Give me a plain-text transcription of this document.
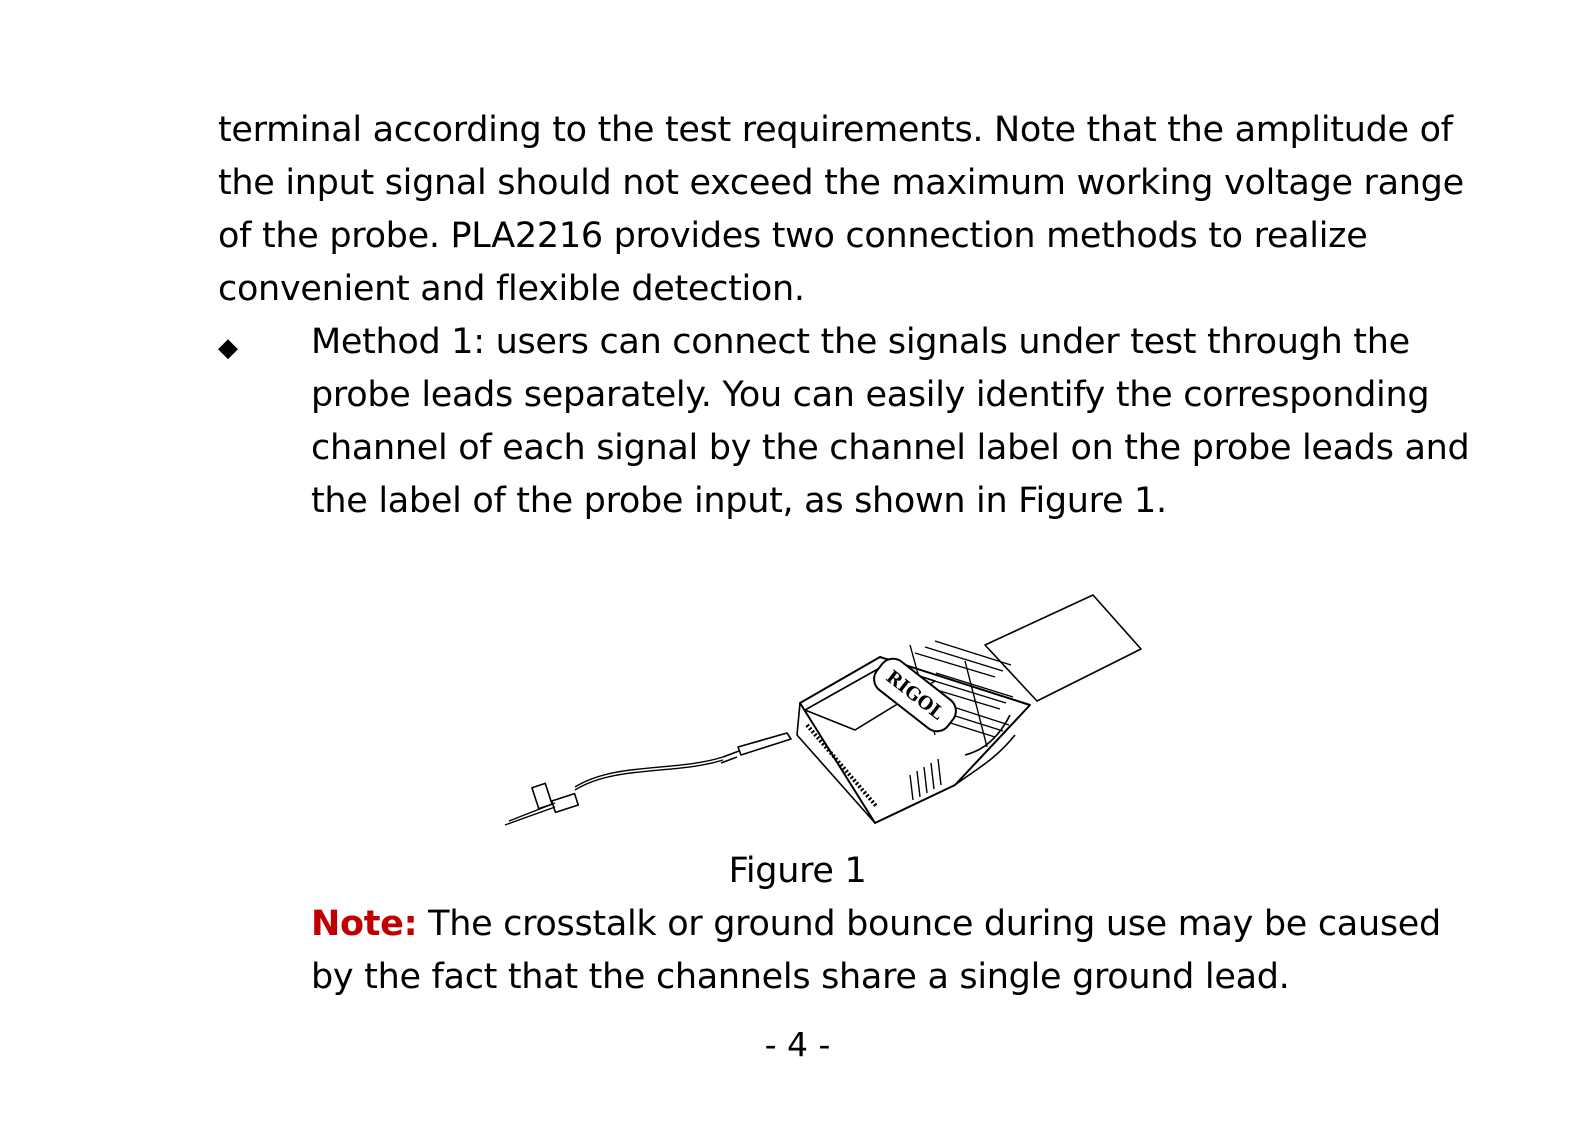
terminal according to the test requirements. Note that the amplitude of the input signal should not exceed the maximum working voltage range of the probe. PLA2216 provides two connection methods to realize convenient and flexible detection.
◆ Method 1: users can connect the signals under test through the probe leads separately. You can easily identify the corresponding channel of each signal by the channel label on the probe leads and the label of the probe input, as shown in Figure 1.
RIGOL
Figure 1
Note: The crosstalk or ground bounce during use may be caused by the fact that the channels share a single ground lead.
- 4 -
